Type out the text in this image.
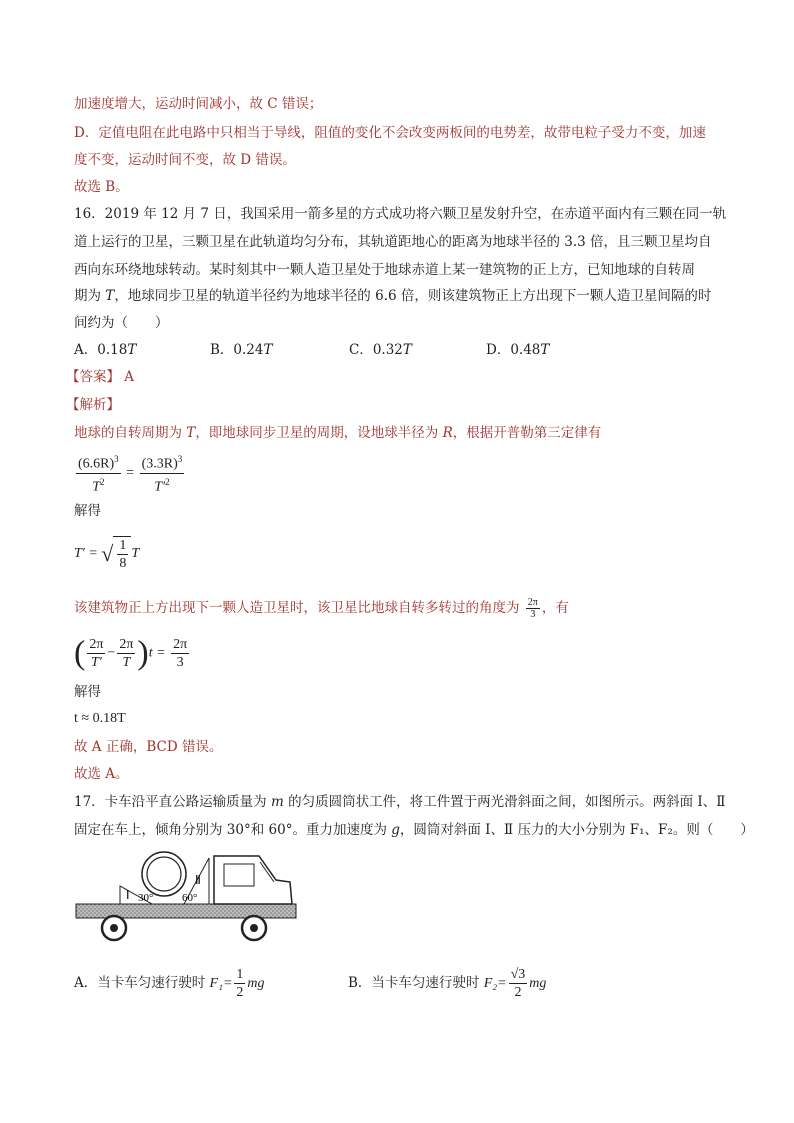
加速度增大，运动时间减小，故 C 错误；
D．定值电阻在此电路中只相当于导线，阻值的变化不会改变两板间的电势差，故带电粒子受力不变，加速
度不变，运动时间不变，故 D 错误。
故选 B。
16．2019 年 12 月 7 日，我国采用一箭多星的方式成功将六颗卫星发射升空，在赤道平面内有三颗在同一轨
道上运行的卫星，三颗卫星在此轨道均匀分布，其轨道距地心的距离为地球半径的 3.3 倍，且三颗卫星均自
西向东环绕地球转动。某时刻其中一颗人造卫星处于地球赤道上某一建筑物的正上方，已知地球的自转周
期为 T，地球同步卫星的轨道半径约为地球半径的 6.6 倍，则该建筑物正上方出现下一颗人造卫星间隔的时
间约为（　　）
A．0.18T	B．0.24T	C．0.32T	D．0.48T
【答案】 A
【解析】
地球的自转周期为 T，即地球同步卫星的周期，设地球半径为 R，根据开普勒第三定律有
$\frac{(6.6R)^3}{T^2} = \frac{(3.3R)^3}{T'^2}$
解得
T′ = √ $\frac{1}{8}$ T
该建筑物正上方出现下一颗人造卫星时，该卫星比地球自转多转过的角度为 $\frac{2\pi}{3}$ ，有
( $\frac{2\pi}{T'} - \frac{2\pi}{T} )t = \frac{2\pi}{3}$
解得
t ≈ 0.18T
故 A 正确，BCD 错误。
故选 A。
17．卡车沿平直公路运输质量为 m 的匀质圆筒状工件，将工件置于两光滑斜面之间，如图所示。两斜面 Ⅰ、Ⅱ
固定在车上，倾角分别为 30°和 60°。重力加速度为 g，圆筒对斜面 Ⅰ、Ⅱ 压力的大小分别为 F₁、F₂。则（　　）
Ⅰ 30°
Ⅱ
60°
A．当卡车匀速行驶时 $F_1= \frac{1}{2}$ mg	B．当卡车匀速行驶时 $F_2= \frac{√3}{2}$ mg
